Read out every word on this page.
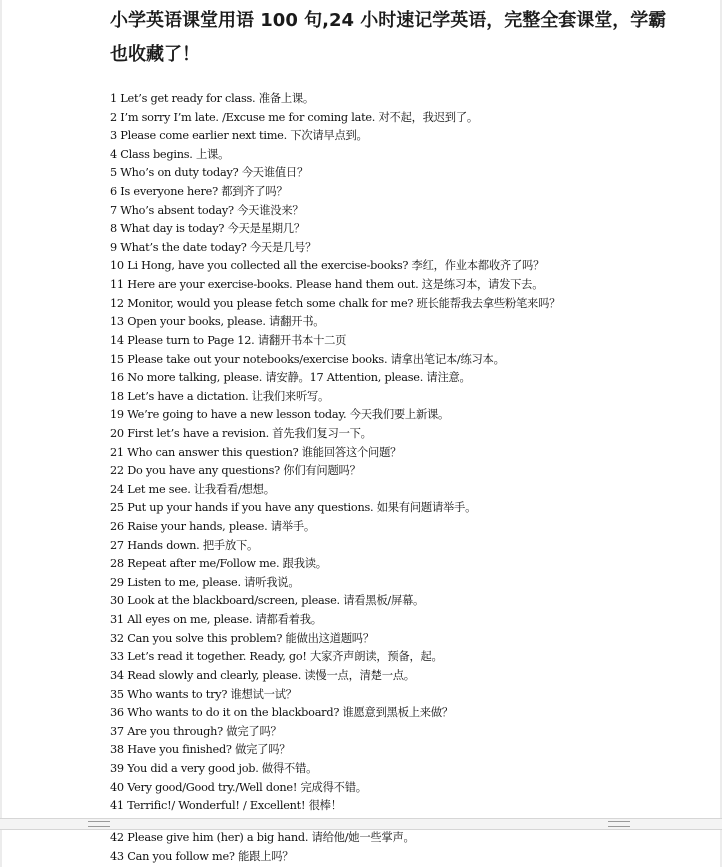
小学英语课堂用语 100 句,24 小时速记学英语，完整全套课堂，学霸也收藏了！
1 Let’s get ready for class. 准备上课。
2 I’m sorry I’m late. /Excuse me for coming late. 对不起，我迟到了。
3 Please come earlier next time. 下次请早点到。
4 Class begins. 上课。
5 Who’s on duty today? 今天谁值日？
6 Is everyone here? 都到齐了吗？
7 Who’s absent today? 今天谁没来？
8 What day is today? 今天是星期几？
9 What’s the date today? 今天是几号？
10 Li Hong, have you collected all the exercise-books? 李红，作业本都收齐了吗？
11 Here are your exercise-books. Please hand them out. 这是练习本，请发下去。
12 Monitor, would you please fetch some chalk for me? 班长能帮我去拿些粉笔来吗？
13 Open your books, please. 请翻开书。
14 Please turn to Page 12. 请翻开书本十二页
15 Please take out your notebooks/exercise books. 请拿出笔记本/练习本。
16 No more talking, please. 请安静。17 Attention, please. 请注意。
18 Let’s have a dictation. 让我们来听写。
19 We’re going to have a new lesson today. 今天我们要上新课。
20 First let’s have a revision. 首先我们复习一下。
21 Who can answer this question? 谁能回答这个问题？
22 Do you have any questions? 你们有问题吗？
24 Let me see. 让我看看/想想。
25 Put up your hands if you have any questions. 如果有问题请举手。
26 Raise your hands, please. 请举手。
27 Hands down. 把手放下。
28 Repeat after me/Follow me. 跟我读。
29 Listen to me, please. 请听我说。
30 Look at the blackboard/screen, please. 请看黑板/屏幕。
31 All eyes on me, please. 请都看着我。
32 Can you solve this problem? 能做出这道题吗？
33 Let’s read it together. Ready, go! 大家齐声朗读，预备，起。
34 Read slowly and clearly, please. 读慢一点，清楚一点。
35 Who wants to try? 谁想试一试？
36 Who wants to do it on the blackboard? 谁愿意到黑板上来做？
37 Are you through? 做完了吗？
38 Have you finished? 做完了吗？
39 You did a very good job. 做得不错。
40 Very good/Good try./Well done! 完成得不错。
41 Terrific!/ Wonderful! / Excellent! 很棒！
42 Please give him (her) a big hand. 请给他/她一些掌声。
43 Can you follow me? 能跟上吗？
